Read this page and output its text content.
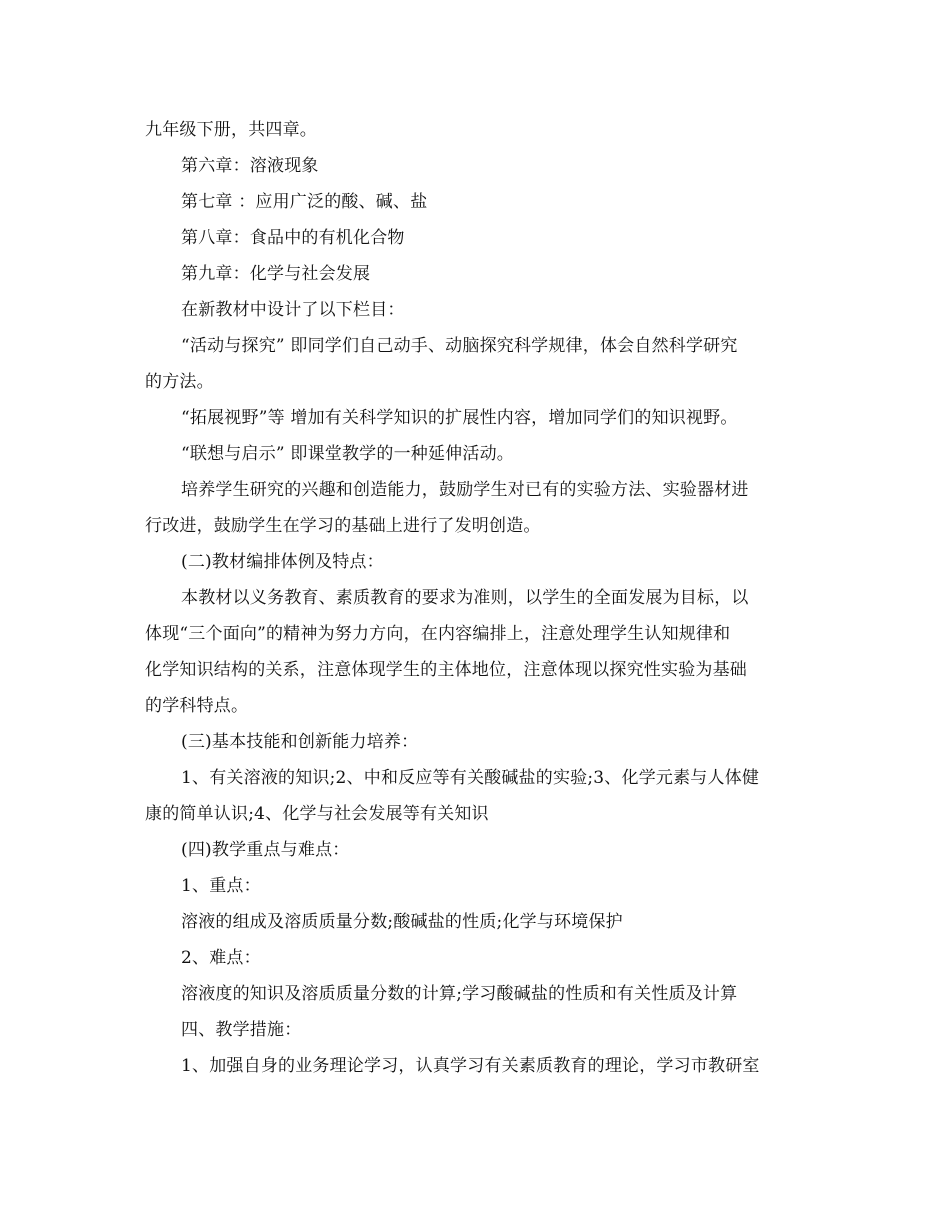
九年级下册，共四章。
第六章：溶液现象
第七章 ：应用广泛的酸、碱、盐
第八章：食品中的有机化合物
第九章：化学与社会发展
在新教材中设计了以下栏目：
“活动与探究” 即同学们自己动手、动脑探究科学规律，体会自然科学研究
的方法。
“拓展视野”等 增加有关科学知识的扩展性内容，增加同学们的知识视野。
“联想与启示” 即课堂教学的一种延伸活动。
培养学生研究的兴趣和创造能力，鼓励学生对已有的实验方法、实验器材进
行改进，鼓励学生在学习的基础上进行了发明创造。
(二)教材编排体例及特点：
本教材以义务教育、素质教育的要求为准则，以学生的全面发展为目标，以
体现“三个面向”的精神为努力方向，在内容编排上，注意处理学生认知规律和
化学知识结构的关系，注意体现学生的主体地位，注意体现以探究性实验为基础
的学科特点。
(三)基本技能和创新能力培养：
1、有关溶液的知识;2、中和反应等有关酸碱盐的实验;3、化学元素与人体健
康的简单认识;4、化学与社会发展等有关知识
(四)教学重点与难点：
1、重点：
溶液的组成及溶质质量分数;酸碱盐的性质;化学与环境保护
2、难点：
溶液度的知识及溶质质量分数的计算;学习酸碱盐的性质和有关性质及计算
四、教学措施：
1、加强自身的业务理论学习，认真学习有关素质教育的理论，学习市教研室
